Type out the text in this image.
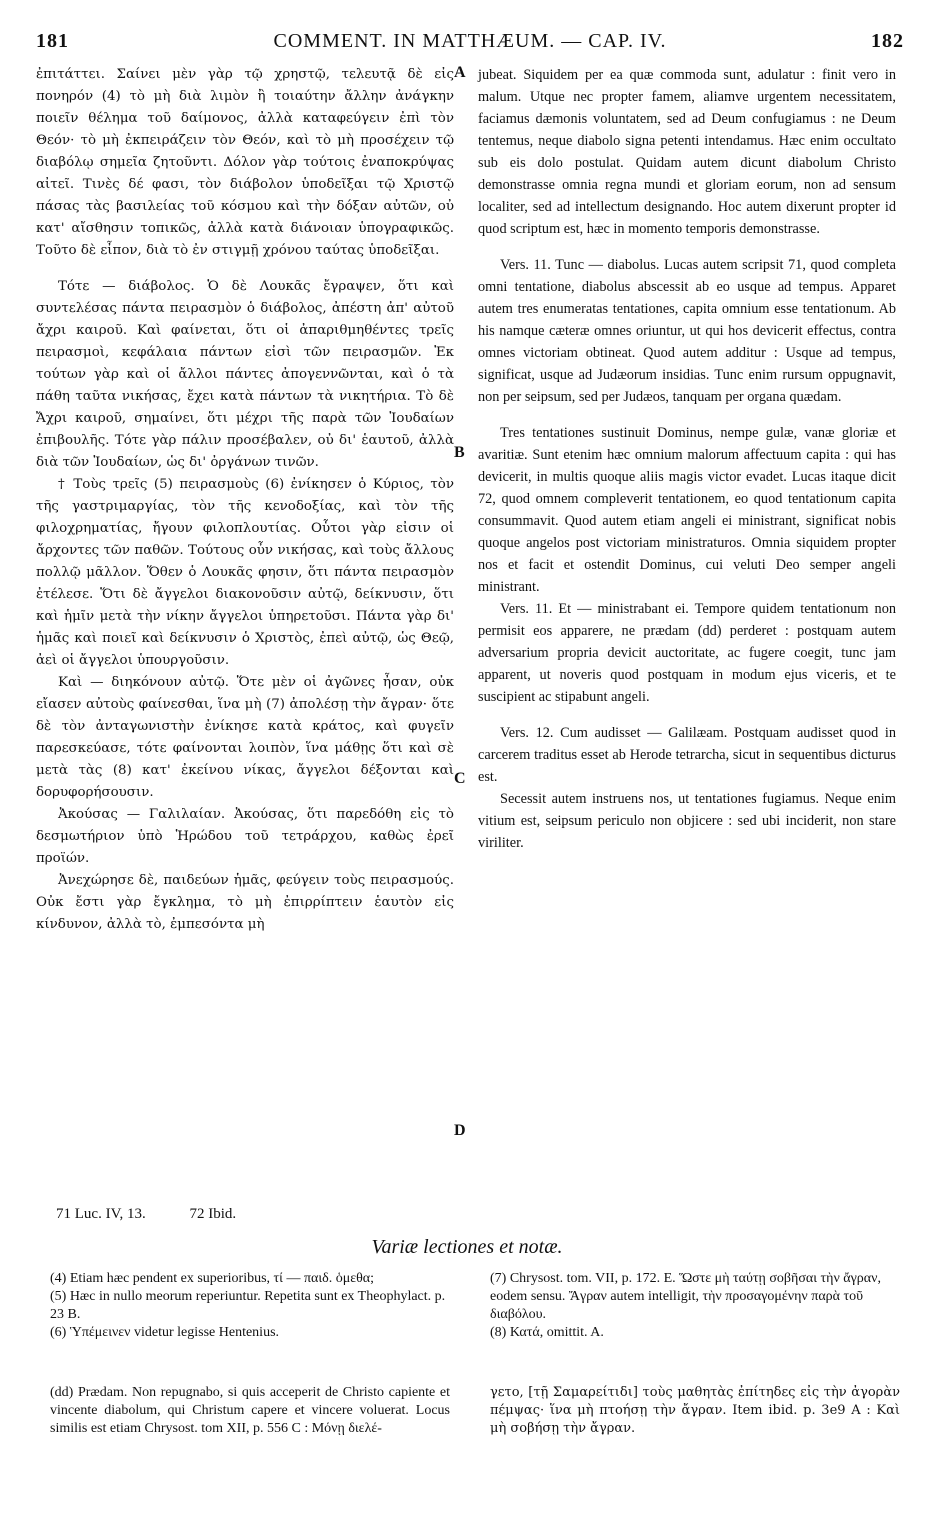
181	COMMENT. IN MATTHÆUM. — CAP. IV.	182

ἐπιτάττει. Σαίνει μὲν γὰρ τῷ χρηστῷ, τελευτᾷ δὲ εἰς πονηρόν (4) τὸ μὴ διὰ λιμὸν ἢ τοιαύτην ἄλλην ἀνάγκην ποιεῖν θέλημα τοῦ δαίμονος, ἀλλὰ καταφεύγειν ἐπὶ τὸν Θεόν· τὸ μὴ ἐκπειράζειν τὸν Θεόν, καὶ τὸ μὴ προσέχειν τῷ διαβόλῳ σημεῖα ζητοῦντι. Δόλον γὰρ τούτοις ἐναποκρύψας αἰτεῖ. Τινὲς δέ φασι, τὸν διάβολον ὑποδεῖξαι τῷ Χριστῷ πάσας τὰς βασιλείας τοῦ κόσμου καὶ τὴν δόξαν αὐτῶν, οὐ κατ' αἴσθησιν τοπικῶς, ἀλλὰ κατὰ διάνοιαν ὑπογραφικῶς. Τοῦτο δὲ εἶπον, διὰ τὸ ἐν στιγμῇ χρόνου ταύτας ὑποδεῖξαι.

Τότε — διάβολος. Ὁ δὲ Λουκᾶς ἔγραψεν, ὅτι καὶ συντελέσας πάντα πειρασμὸν ὁ διάβολος, ἀπέστη ἀπ' αὐτοῦ ἄχρι καιροῦ. Καὶ φαίνεται, ὅτι οἱ ἀπαριθμηθέντες τρεῖς πειρασμοὶ, κεφάλαια πάντων εἰσὶ τῶν πειρασμῶν. Ἐκ τούτων γὰρ καὶ οἱ ἄλλοι πάντες ἀπογεννῶνται, καὶ ὁ τὰ πάθη ταῦτα νικήσας, ἔχει κατὰ πάντων τὰ νικητήρια. Τὸ δὲ Ἄχρι καιροῦ, σημαίνει, ὅτι μέχρι τῆς παρὰ τῶν Ἰουδαίων ἐπιβουλῆς. Τότε γὰρ πάλιν προσέβαλεν, οὐ δι' ἑαυτοῦ, ἀλλὰ διὰ τῶν Ἰουδαίων, ὡς δι' ὀργάνων τινῶν.

† Τοὺς τρεῖς (5) πειρασμοὺς (6) ἐνίκησεν ὁ Κύριος, τὸν τῆς γαστριμαργίας, τὸν τῆς κενοδοξίας, καὶ τὸν τῆς φιλοχρηματίας, ἤγουν φιλοπλουτίας. Οὗτοι γὰρ εἰσιν οἱ ἄρχοντες τῶν παθῶν. Τούτους οὖν νικήσας, καὶ τοὺς ἄλλους πολλῷ μᾶλλον. Ὅθεν ὁ Λουκᾶς φησιν, ὅτι πάντα πειρασμὸν ἐτέλεσε. Ὅτι δὲ ἄγγελοι διακονοῦσιν αὐτῷ, δείκνυσιν, ὅτι καὶ ἡμῖν μετὰ τὴν νίκην ἄγγελοι ὑπηρετοῦσι. Πάντα γὰρ δι' ἡμᾶς καὶ ποιεῖ καὶ δείκνυσιν ὁ Χριστὸς, ἐπεὶ αὐτῷ, ὡς Θεῷ, ἀεὶ οἱ ἄγγελοι ὑπουργοῦσιν.

Καὶ — διηκόνουν αὐτῷ. Ὅτε μὲν οἱ ἀγῶνες ἦσαν, οὐκ εἴασεν αὐτοὺς φαίνεσθαι, ἵνα μὴ (7) ἀπολέσῃ τὴν ἄγραν· ὅτε δὲ τὸν ἀνταγωνιστὴν ἐνίκησε κατὰ κράτος, καὶ φυγεῖν παρεσκεύασε, τότε φαίνονται λοιπὸν, ἵνα μάθῃς ὅτι καὶ σὲ μετὰ τὰς (8) κατ' ἐκείνου νίκας, ἄγγελοι δέξονται καὶ δορυφορήσουσιν.

Ἀκούσας — Γαλιλαίαν. Ἀκούσας, ὅτι παρεδόθη εἰς τὸ δεσμωτήριον ὑπὸ Ἡρώδου τοῦ τετράρχου, καθὼς ἐρεῖ προϊών.

Ἀνεχώρησε δὲ, παιδεύων ἡμᾶς, φεύγειν τοὺς πειρασμούς. Οὐκ ἔστι γὰρ ἔγκλημα, τὸ μὴ ἐπιρρίπτειν ἑαυτὸν εἰς κίνδυνον, ἀλλὰ τὸ, ἐμπεσόντα μὴ

jubeat. Siquidem per ea quæ commoda sunt, adulatur : finit vero in malum. Utque nec propter famem, aliamve urgentem necessitatem, faciamus dæmonis voluntatem, sed ad Deum confugiamus : ne Deum tentemus, neque diabolo signa petenti intendamus. Hæc enim occultato sub eis dolo postulat. Quidam autem dicunt diabolum Christo demonstrasse omnia regna mundi et gloriam eorum, non ad sensum localiter, sed ad intellectum designando. Hoc autem dixerunt propter id quod scriptum est, hæc in momento temporis demonstrasse.

Vers. 11. Tunc — diabolus. Lucas autem scripsit 71, quod completa omni tentatione, diabolus abscessit ab eo usque ad tempus. Apparet autem tres enumeratas tentationes, capita omnium esse tentationum. Ab his namque cæteræ omnes oriuntur, ut qui hos devicerit effectus, contra omnes victoriam obtineat. Quod autem additur : Usque ad tempus, significat, usque ad Judæorum insidias. Tunc enim rursum oppugnavit, non per seipsum, sed per Judæos, tanquam per organa quædam.

Tres tentationes sustinuit Dominus, nempe gulæ, vanæ gloriæ et avaritiæ. Sunt etenim hæc omnium malorum affectuum capita : qui has devicerit, in multis quoque aliis magis victor evadet. Lucas itaque dicit 72, quod omnem compleverit tentationem, eo quod tentationum capita consummavit. Quod autem etiam angeli ei ministrant, significat nobis quoque angelos post victoriam ministraturos. Omnia siquidem propter nos et facit et ostendit Dominus, cui veluti Deo semper angeli ministrant.

Vers. 11. Et — ministrabant ei. Tempore quidem tentationum non permisit eos apparere, ne prædam (dd) perderet : postquam autem adversarium propria devicit auctoritate, ac fugere coegit, tunc jam apparent, ut noveris quod postquam in modum ejus viceris, et te suscipient ac stipabunt angeli.

Vers. 12. Cum audisset — Galilæam. Postquam audisset quod in carcerem traditus esset ab Herode tetrarcha, sicut in sequentibus dicturus est.

Secessit autem instruens nos, ut tentationes fugiamus. Neque enim vitium est, seipsum periculo non objicere : sed ubi inciderit, non stare viriliter.

A
B
C
D
71 Luc. IV, 13.	72 Ibid.
Variæ lectiones et notæ.

(4) Etiam hæc pendent ex superioribus, τί — παιδ. ὁμεθα;

(5) Hæc in nullo meorum reperiuntur. Repetita sunt ex Theophylact. p. 23 B.

(6) Ὑπέμεινεν videtur legisse Hentenius.

(7) Chrysost. tom. VII, p. 172. E. Ὥστε μὴ ταύτῃ σοβῆσαι τὴν ἄγραν, eodem sensu. Ἄγραν autem intelligit, τὴν προσαγομένην παρὰ τοῦ διαβόλου.

(8) Κατά, omittit. A.

(dd) Prædam. Non repugnabo, si quis acceperit de Christo capiente et vincente diabolum, qui Christum capere et vincere voluerat. Locus similis est etiam Chrysost. tom XII, p. 556 C : Μόνῃ διελέ-

γετο, [τῇ Σαμαρείτιδι] τοὺς μαθητὰς ἐπίτηδες εἰς τὴν ἀγορὰν πέμψας· ἵνα μὴ πτοήσῃ τὴν ἄγραν. Item ibid. p. 3e9 A : Καὶ μὴ σοβήσῃ τὴν ἄγραν.
